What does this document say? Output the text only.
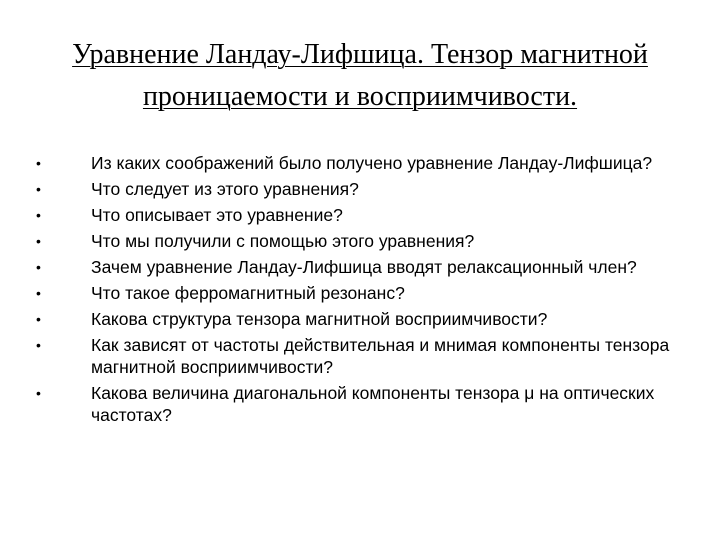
Уравнение Ландау-Лифшица. Тензор магнитной
проницаемости и восприимчивости.
•	Из каких соображений было получено уравнение Ландау-Лифшица?
•	Что следует из этого уравнения?
•	Что описывает это уравнение?
•	Что мы получили с помощью этого уравнения?
•	Зачем уравнение Ландау-Лифшица вводят релаксационный член?
•	Что такое ферромагнитный резонанс?
•	Какова структура тензора магнитной восприимчивости?
•	Как зависят от частоты действительная и мнимая компоненты тензора магнитной восприимчивости?
•	Какова величина диагональной компоненты тензора μ на оптических частотах?
